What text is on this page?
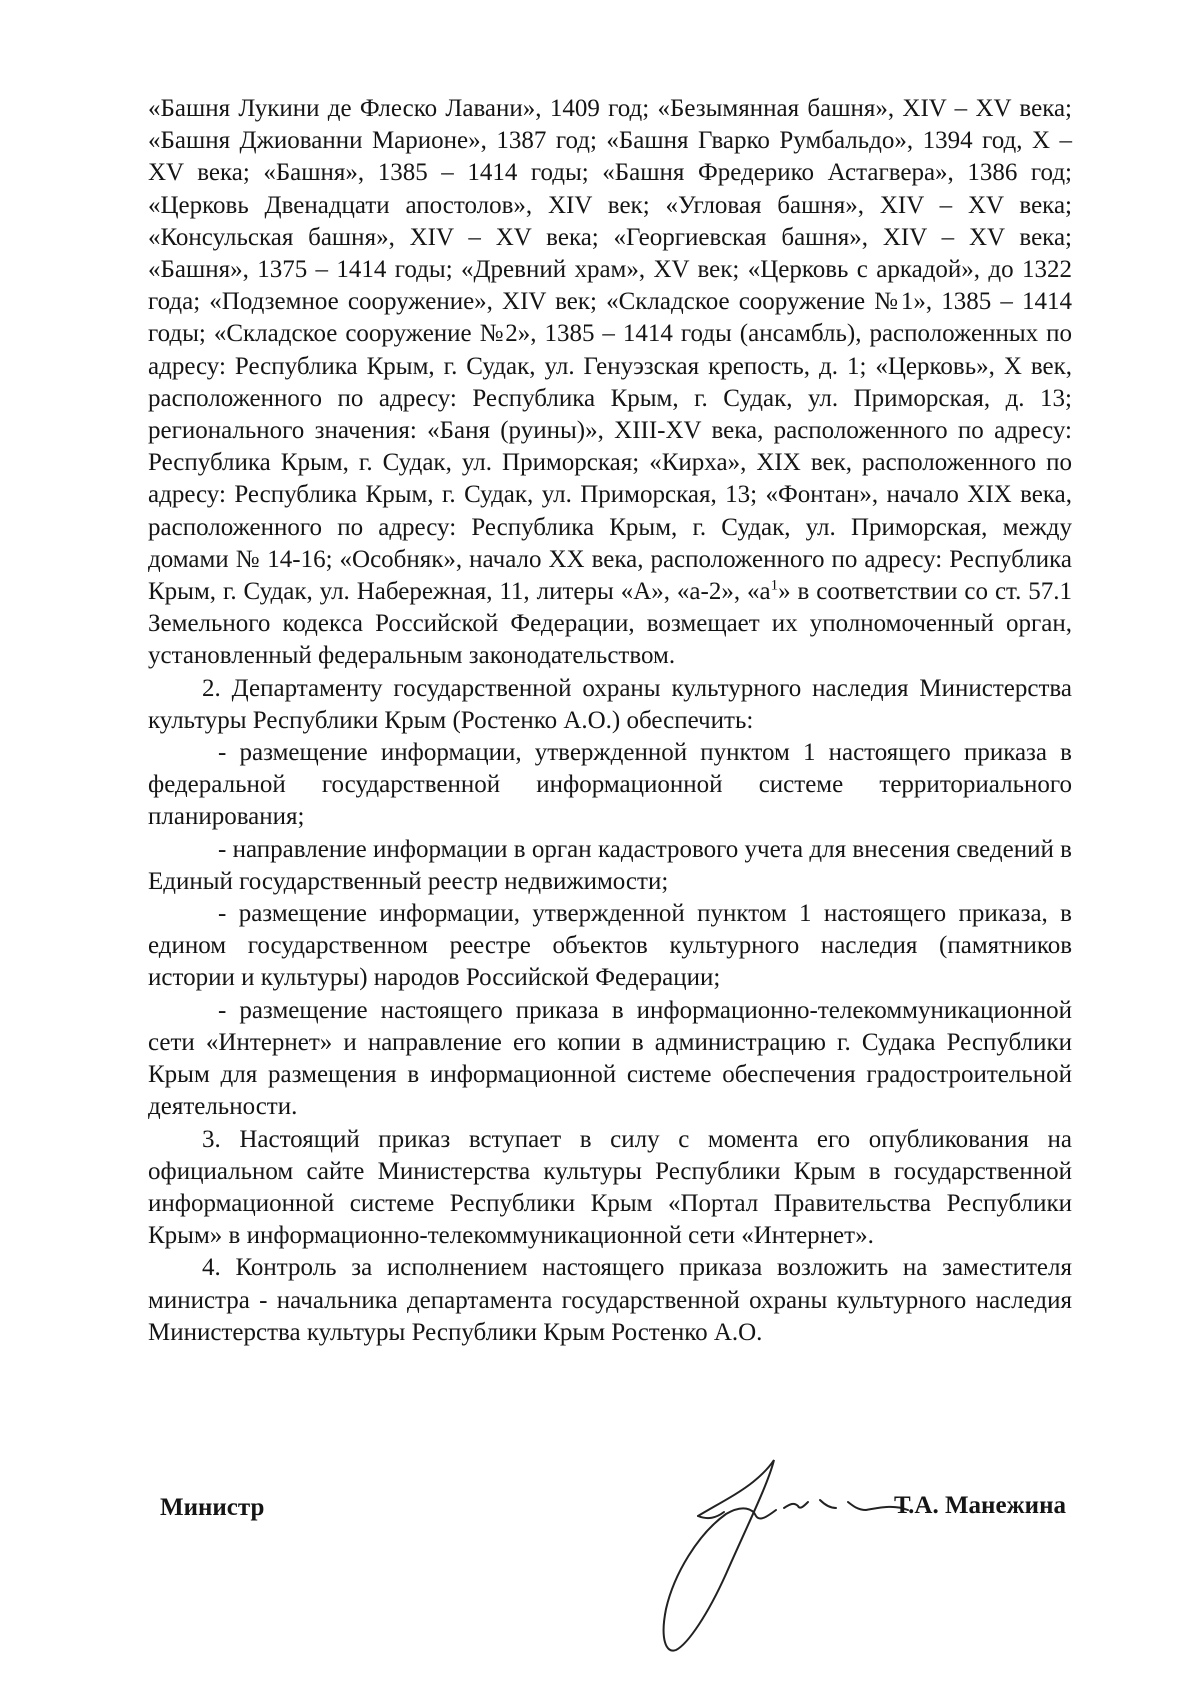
«Башня Лукини де Флеско Лавани», 1409 год; «Безымянная башня», XIV – XV века; «Башня Джиованни Марионе», 1387 год; «Башня Гварко Румбальдо», 1394 год, X – XV века; «Башня», 1385 – 1414 годы; «Башня Фредерико Астагвера», 1386 год; «Церковь Двенадцати апостолов», XIV век; «Угловая башня», XIV – XV века; «Консульская башня», XIV – XV века; «Георгиевская башня», XIV – XV века; «Башня», 1375 – 1414 годы; «Древний храм», XV век; «Церковь с аркадой», до 1322 года; «Подземное сооружение», XIV век; «Складское сооружение №1», 1385 – 1414 годы; «Складское сооружение №2», 1385 – 1414 годы (ансамбль), расположенных по адресу: Республика Крым, г. Судак, ул. Генуэзская крепость, д. 1; «Церковь», X век, расположенного по адресу: Республика Крым, г. Судак, ул. Приморская, д. 13; регионального значения: «Баня (руины)», XIII-XV века, расположенного по адресу: Республика Крым, г. Судак, ул. Приморская; «Кирха», XIX век, расположенного по адресу: Республика Крым, г. Судак, ул. Приморская, 13; «Фонтан», начало XIX века, расположенного по адресу: Республика Крым, г. Судак, ул. Приморская, между домами № 14-16; «Особняк», начало XX века, расположенного по адресу: Республика Крым, г. Судак, ул. Набережная, 11, литеры «А», «а-2», «$а^1$» в соответствии со ст. 57.1 Земельного кодекса Российской Федерации, возмещает их уполномоченный орган, установленный федеральным законодательством.

2. Департаменту государственной охраны культурного наследия Министерства культуры Республики Крым (Ростенко А.О.) обеспечить:

- размещение информации, утвержденной пунктом 1 настоящего приказа в федеральной государственной информационной системе территориального планирования;

- направление информации в орган кадастрового учета для внесения сведений в Единый государственный реестр недвижимости;

- размещение информации, утвержденной пунктом 1 настоящего приказа, в едином государственном реестре объектов культурного наследия (памятников истории и культуры) народов Российской Федерации;

- размещение настоящего приказа в информационно-телекоммуникационной сети «Интернет» и направление его копии в администрацию г. Судака Республики Крым для размещения в информационной системе обеспечения градостроительной деятельности.

3. Настоящий приказ вступает в силу с момента его опубликования на официальном сайте Министерства культуры Республики Крым в государственной информационной системе Республики Крым «Портал Правительства Республики Крым» в информационно-телекоммуникационной сети «Интернет».

4. Контроль за исполнением настоящего приказа возложить на заместителя министра - начальника департамента государственной охраны культурного наследия Министерства культуры Республики Крым Ростенко А.О.

Министр	Т.А. Манежина
